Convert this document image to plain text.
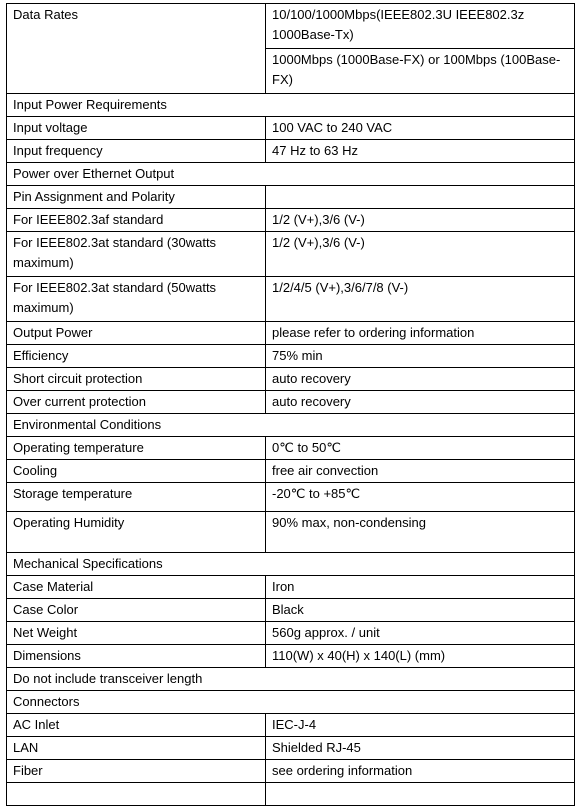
Data Rates	10/100/1000Mbps(IEEE802.3U IEEE802.3z 1000Base-Tx)
	1000Mbps (1000Base-FX) or 100Mbps (100Base-FX)
Input Power Requirements	
Input voltage	100 VAC to 240 VAC
Input frequency	47 Hz to 63 Hz
Power over Ethernet Output	
Pin Assignment and Polarity	
For IEEE802.3af standard	1/2 (V+),3/6 (V-)
For IEEE802.3at standard (30watts maximum)	1/2 (V+),3/6 (V-)
For IEEE802.3at standard (50watts maximum)	1/2/4/5 (V+),3/6/7/8 (V-)
Output Power	please refer to ordering information
Efficiency	75% min
Short circuit protection	auto recovery
Over current protection	auto recovery
Environmental Conditions	
Operating temperature	0℃ to 50℃
Cooling	free air convection
Storage temperature	-20℃ to +85℃
Operating Humidity	90% max, non-condensing
Mechanical Specifications	
Case Material	Iron
Case Color	Black
Net Weight	560g approx. / unit
Dimensions	110(W) x 40(H) x 140(L) (mm)
Do not include transceiver length	
Connectors	
AC Inlet	IEC-J-4
LAN	Shielded RJ-45
Fiber	see ordering information
